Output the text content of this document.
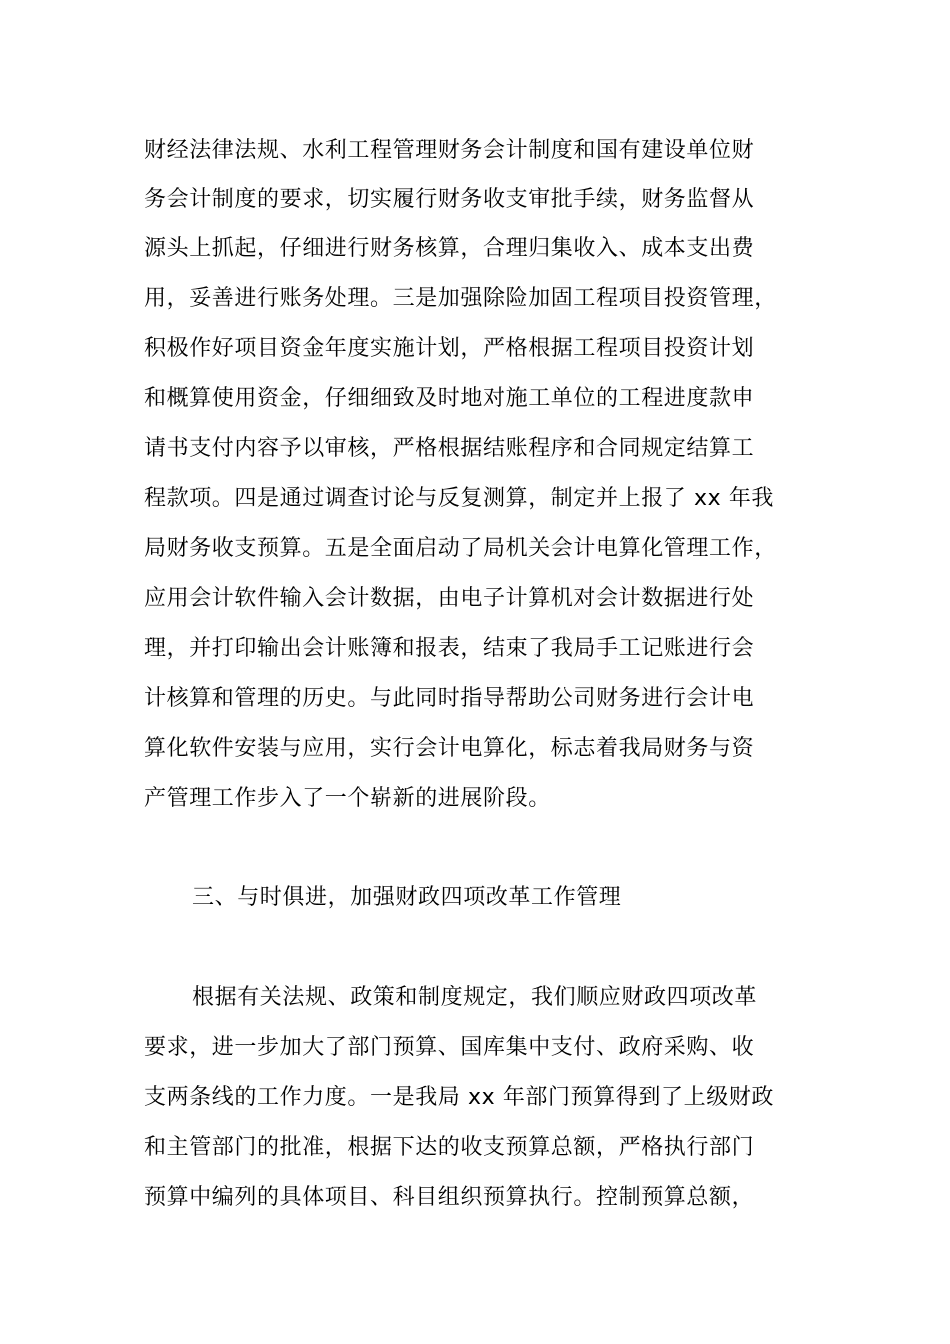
财经法律法规、水利工程管理财务会计制度和国有建设单位财
务会计制度的要求，切实履行财务收支审批手续，财务监督从
源头上抓起，仔细进行财务核算，合理归集收入、成本支出费
用，妥善进行账务处理。三是加强除险加固工程项目投资管理，
积极作好项目资金年度实施计划，严格根据工程项目投资计划
和概算使用资金，仔细细致及时地对施工单位的工程进度款申
请书支付内容予以审核，严格根据结账程序和合同规定结算工
程款项。四是通过调查讨论与反复测算，制定并上报了 xx 年我
局财务收支预算。五是全面启动了局机关会计电算化管理工作，
应用会计软件输入会计数据，由电子计算机对会计数据进行处
理，并打印输出会计账簿和报表，结束了我局手工记账进行会
计核算和管理的历史。与此同时指导帮助公司财务进行会计电
算化软件安装与应用，实行会计电算化，标志着我局财务与资
产管理工作步入了一个崭新的进展阶段。
三、与时俱进，加强财政四项改革工作管理
根据有关法规、政策和制度规定，我们顺应财政四项改革
要求，进一步加大了部门预算、国库集中支付、政府采购、收
支两条线的工作力度。一是我局 xx 年部门预算得到了上级财政
和主管部门的批准，根据下达的收支预算总额，严格执行部门
预算中编列的具体项目、科目组织预算执行。控制预算总额，
